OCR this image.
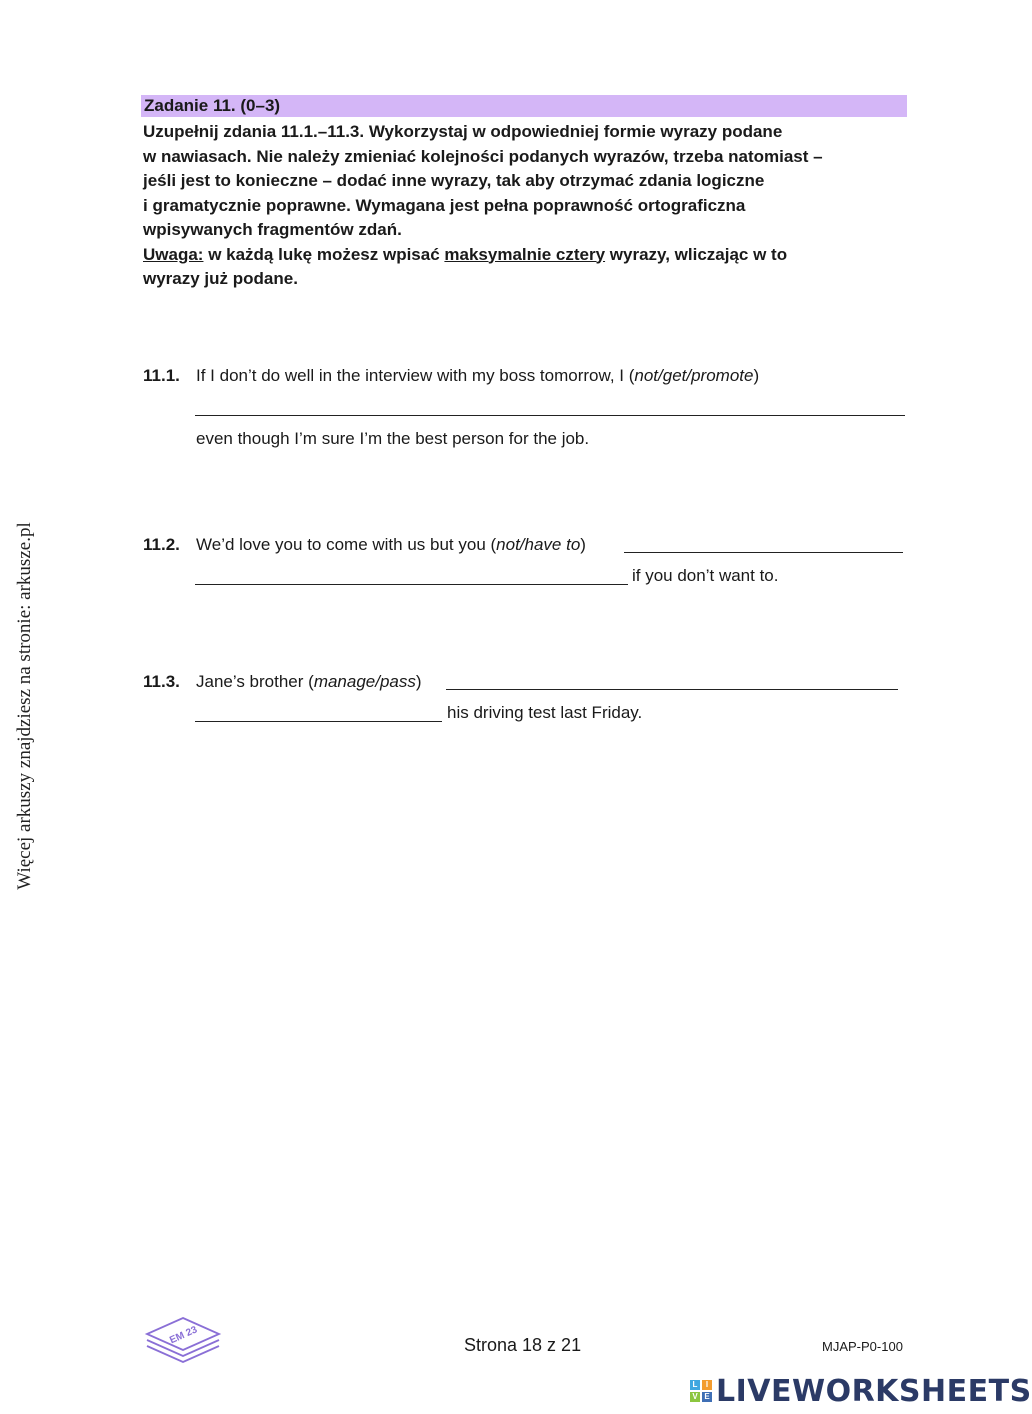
Zadanie 11. (0–3)
Uzupełnij zdania 11.1.–11.3. Wykorzystaj w odpowiedniej formie wyrazy podane
w nawiasach. Nie należy zmieniać kolejności podanych wyrazów, trzeba natomiast –
jeśli jest to konieczne – dodać inne wyrazy, tak aby otrzymać zdania logiczne
i gramatycznie poprawne. Wymagana jest pełna poprawność ortograficzna
wpisywanych fragmentów zdań.
Uwaga: w każdą lukę możesz wpisać maksymalnie cztery wyrazy, wliczając w to
wyrazy już podane.
11.1. If I don’t do well in the interview with my boss tomorrow, I (not/get/promote)
even though I’m sure I’m the best person for the job.
11.2. We’d love you to come with us but you (not/have to)
if you don’t want to.
11.3. Jane’s brother (manage/pass)
his driving test last Friday.
Więcej arkuszy znajdziesz na stronie: arkusze.pl
EM 23	Strona 18 z 21	MJAP-P0-100
L	I
V E LIVEWORKSHEETS
